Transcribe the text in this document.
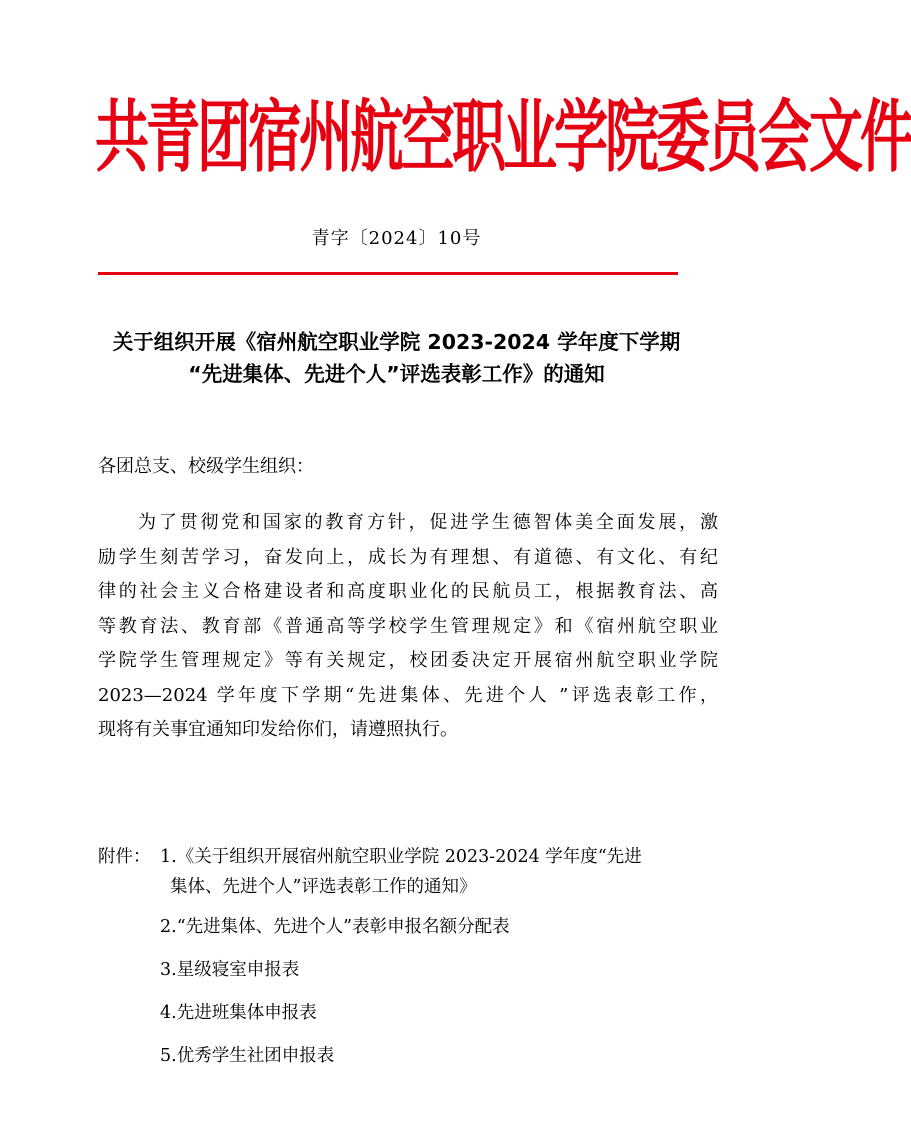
共青团宿州航空职业学院委员会文件
青字〔2024〕10号
关于组织开展《宿州航空职业学院 2023-2024 学年度下学期
“先进集体、先进个人”评选表彰工作》的通知
各团总支、校级学生组织：
为了贯彻党和国家的教育方针，促进学生德智体美全面发展，激
励学生刻苦学习，奋发向上，成长为有理想、有道德、有文化、有纪
律的社会主义合格建设者和高度职业化的民航员工，根据教育法、高
等教育法、教育部《普通高等学校学生管理规定》和《宿州航空职业
学院学生管理规定》等有关规定，校团委决定开展宿州航空职业学院
2023—2024 学年度下学期“先进集体、先进个人 ”评选表彰工作，
现将有关事宜通知印发给你们，请遵照执行。
附件： 1.《关于组织开展宿州航空职业学院 2023-2024 学年度“先进
集体、先进个人”评选表彰工作的通知》
2.“先进集体、先进个人”表彰申报名额分配表
3.星级寝室申报表
4.先进班集体申报表
5.优秀学生社团申报表
